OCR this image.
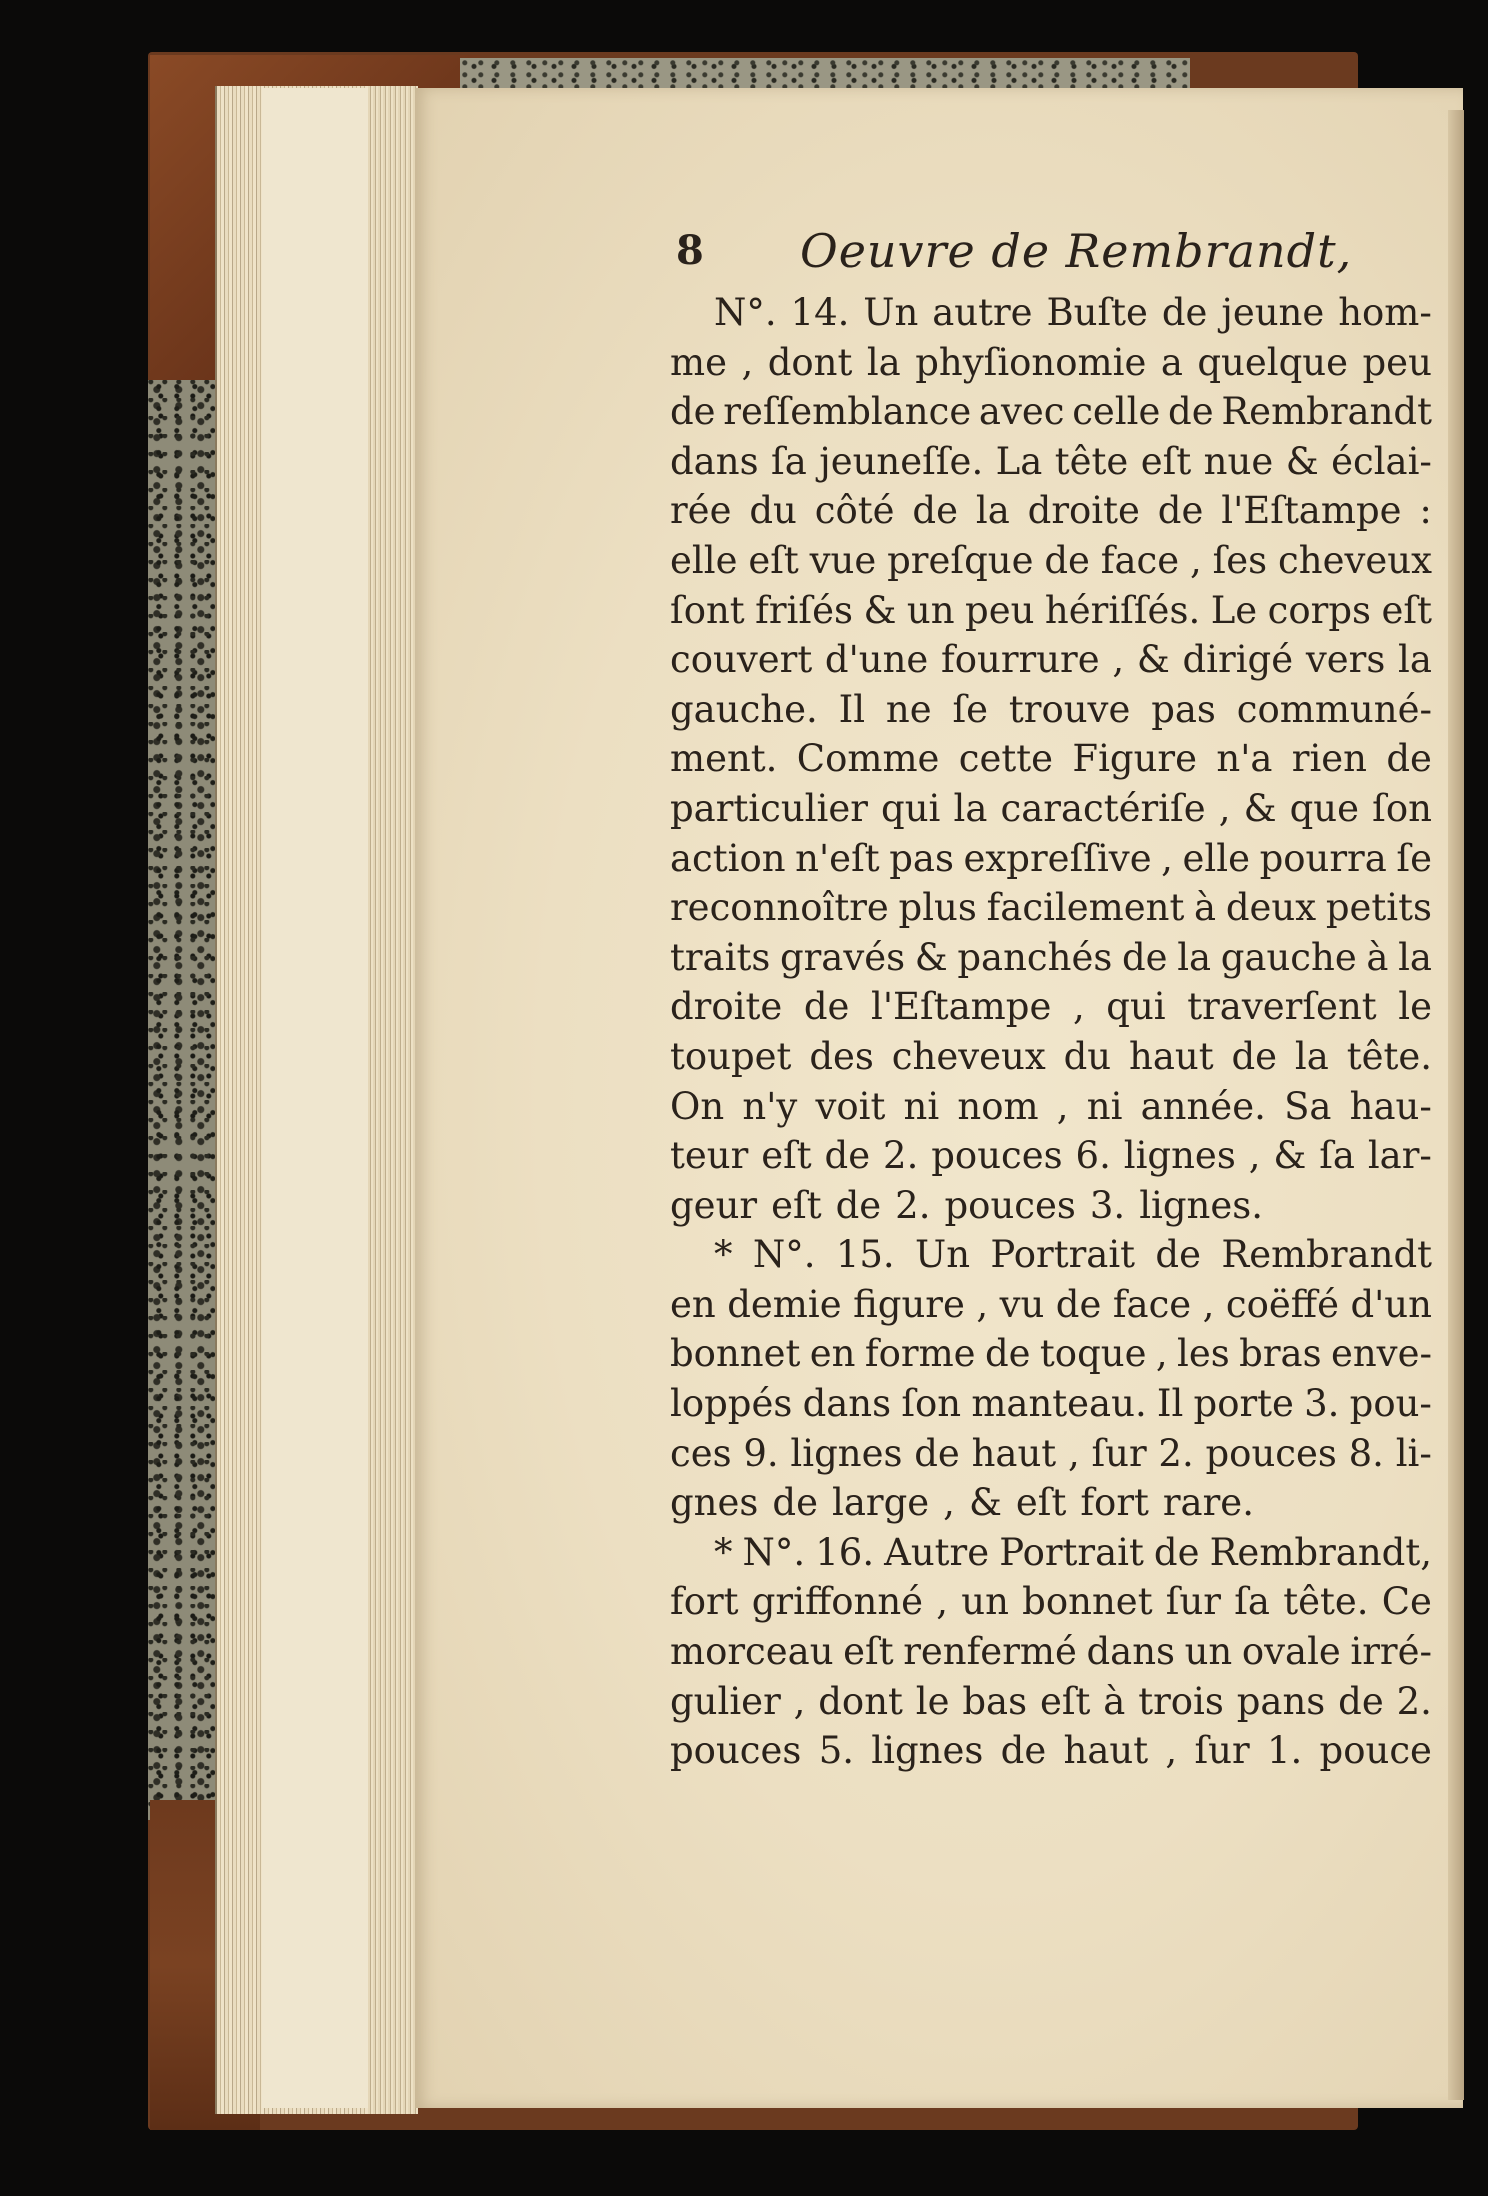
8 Oeuvre de Rembrandt,
N°. 14. Un autre Buſte de jeune hom-
me , dont la phyſionomie a quelque peu
de reſſemblance avec celle de Rembrandt
dans ſa jeuneſſe. La tête eſt nue & éclai-
rée du côté de la droite de l'Eſtampe :
elle eſt vue preſque de face , ſes cheveux
ſont friſés & un peu hériſſés. Le corps eſt
couvert d'une fourrure , & dirigé vers la
gauche. Il ne ſe trouve pas communé-
ment. Comme cette Figure n'a rien de
particulier qui la caractériſe , & que ſon
action n'eſt pas expreſſive , elle pourra ſe
reconnoître plus facilement à deux petits
traits gravés & panchés de la gauche à la
droite de l'Eſtampe , qui traverſent le
toupet des cheveux du haut de la tête.
On n'y voit ni nom , ni année. Sa hau-
teur eſt de 2. pouces 6. lignes , & ſa lar-
geur eſt de 2. pouces 3. lignes.
* N°. 15. Un Portrait de Rembrandt
en demie figure , vu de face , coëffé d'un
bonnet en forme de toque , les bras enve-
loppés dans ſon manteau. Il porte 3. pou-
ces 9. lignes de haut , ſur 2. pouces 8. li-
gnes de large , & eſt fort rare.
* N°. 16. Autre Portrait de Rembrandt,
fort griffonné , un bonnet ſur ſa tête. Ce
morceau eſt renfermé dans un ovale irré-
gulier , dont le bas eſt à trois pans de 2.
pouces 5. lignes de haut , ſur 1. pouce
